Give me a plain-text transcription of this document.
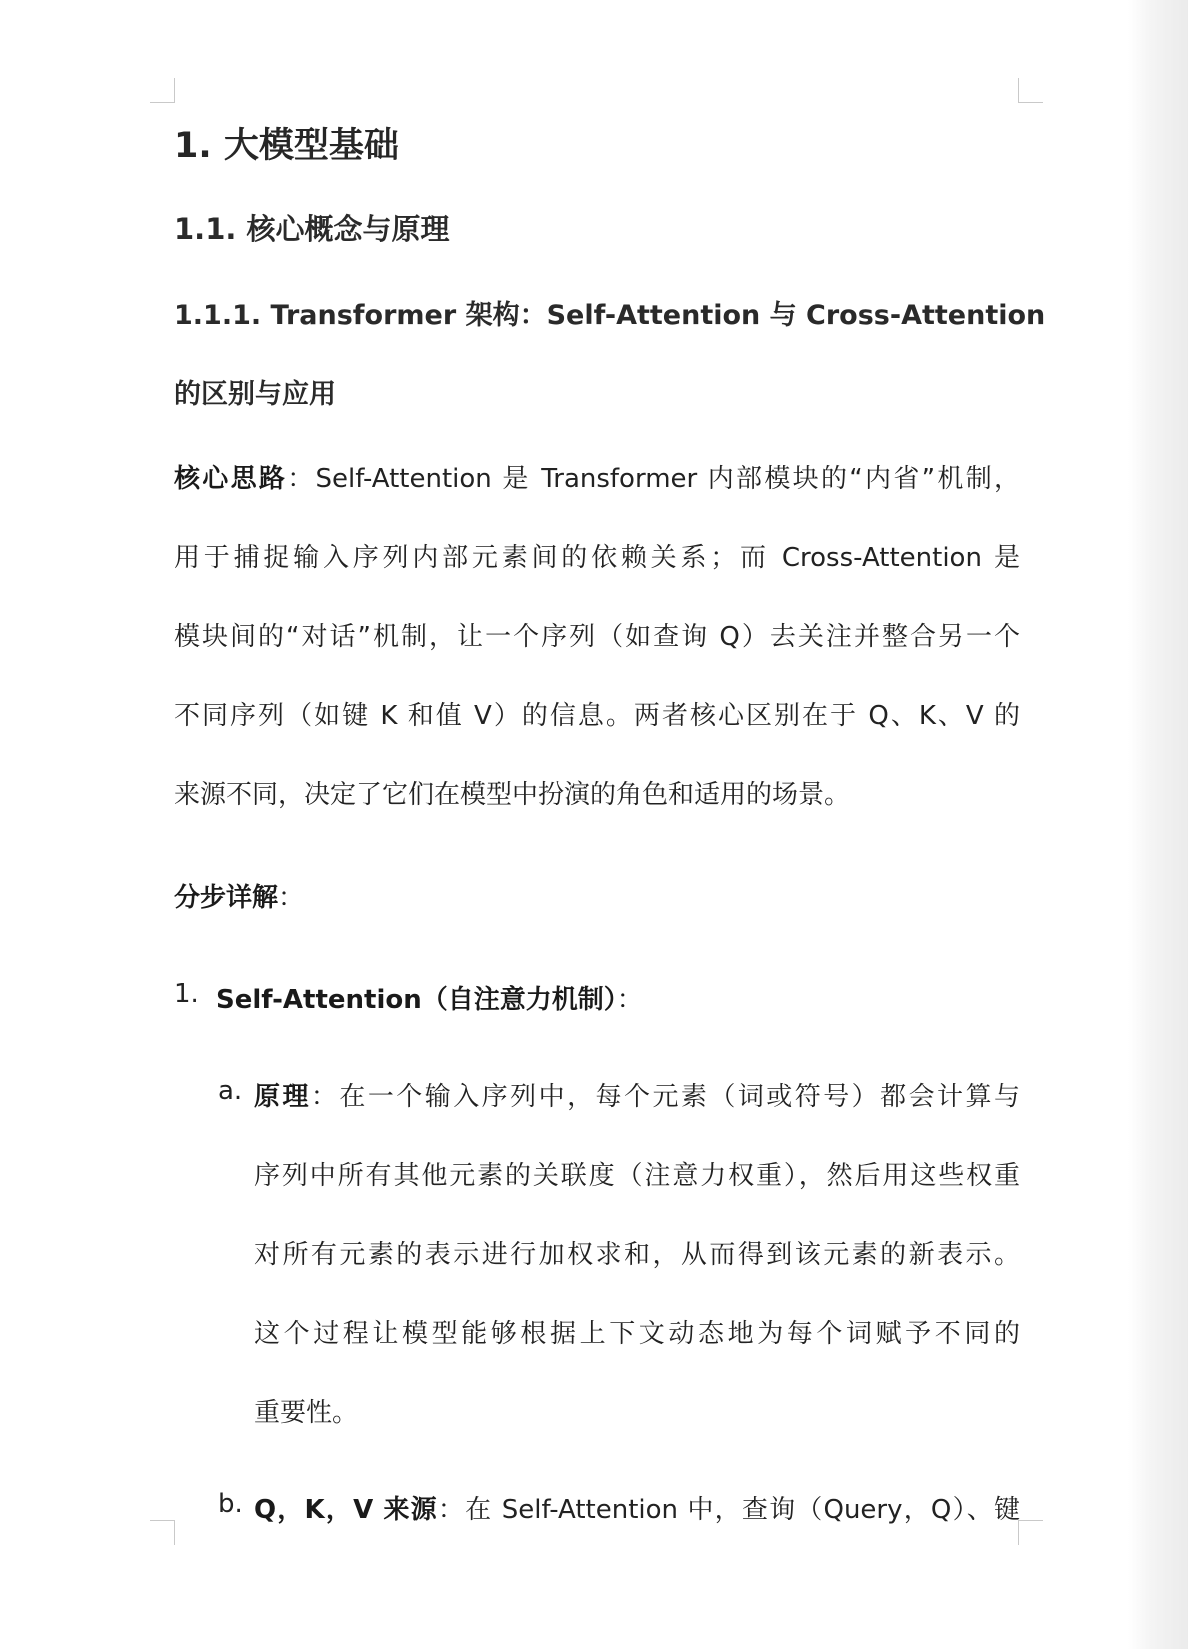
1. 大模型基础
1.1. 核心概念与原理
1.1.1. Transformer 架构：Self-Attention 与 Cross-Attention
的区别与应用

核心思路：Self-Attention 是 Transformer 内部模块的“内省”机制，

用于捕捉输入序列内部元素间的依赖关系；而 Cross-Attention 是

模块间的“对话”机制，让一个序列（如查询 Q）去关注并整合另一个

不同序列（如键 K 和值 V）的信息。两者核心区别在于 Q、K、V 的

来源不同，决定了它们在模型中扮演的角色和适用的场景。

分步详解：

1. Self-Attention（自注意力机制）：

a. 原理：在一个输入序列中，每个元素（词或符号）都会计算与

序列中所有其他元素的关联度（注意力权重），然后用这些权重

对所有元素的表示进行加权求和，从而得到该元素的新表示。

这个过程让模型能够根据上下文动态地为每个词赋予不同的

重要性。

b. Q，K，V 来源：在 Self-Attention 中，查询（Query，Q）、键
